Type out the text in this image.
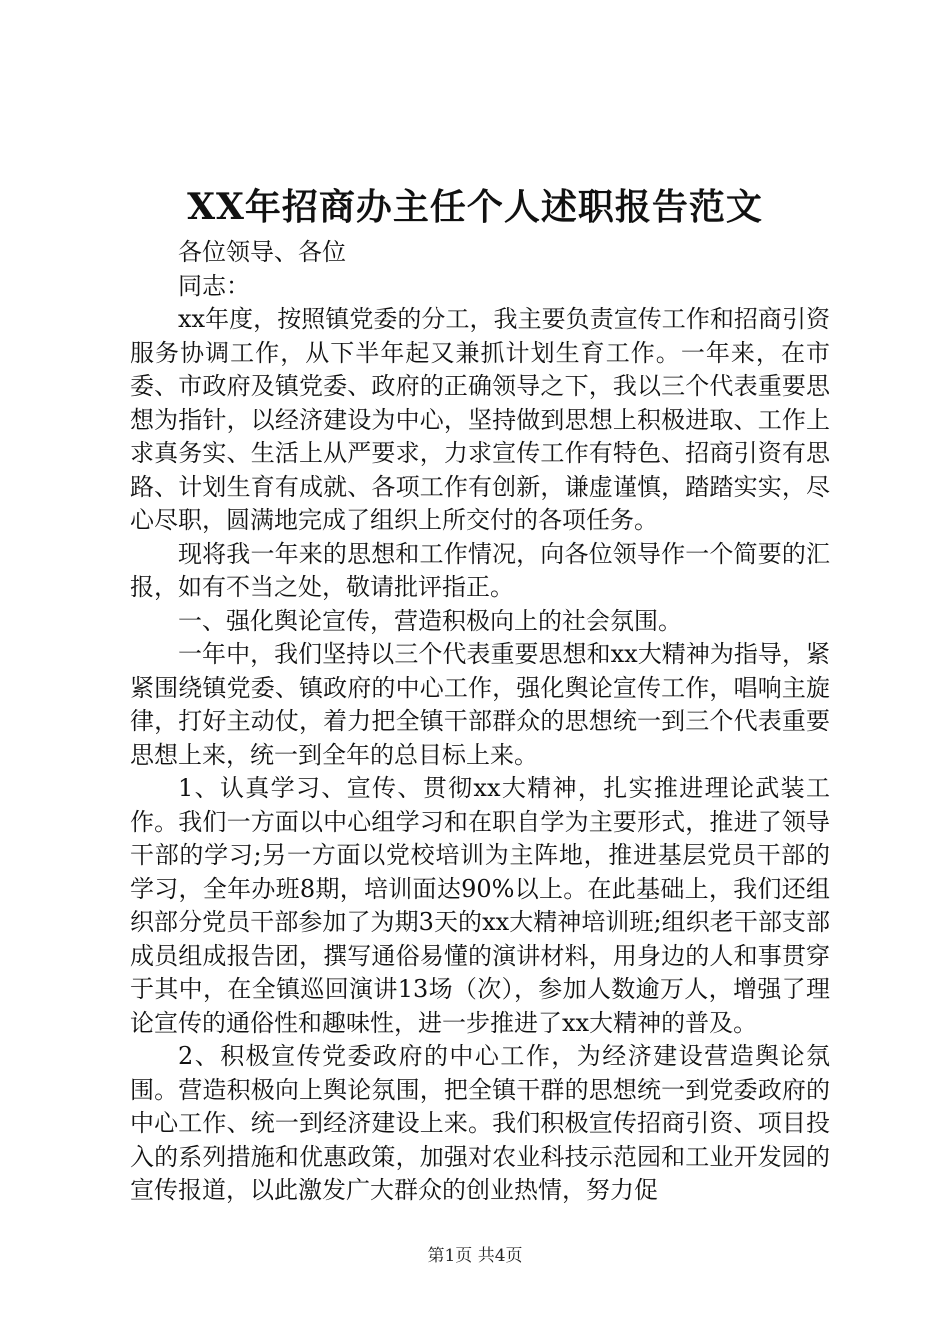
XX年招商办主任个人述职报告范文

各位领导、各位

同志：

xx年度，按照镇党委的分工，我主要负责宣传工作和招商引资服务协调工作，从下半年起又兼抓计划生育工作。一年来，在市委、市政府及镇党委、政府的正确领导之下，我以三个代表重要思想为指针，以经济建设为中心，坚持做到思想上积极进取、工作上求真务实、生活上从严要求，力求宣传工作有特色、招商引资有思路、计划生育有成就、各项工作有创新，谦虚谨慎，踏踏实实，尽心尽职，圆满地完成了组织上所交付的各项任务。

现将我一年来的思想和工作情况，向各位领导作一个简要的汇报，如有不当之处，敬请批评指正。

一、强化舆论宣传，营造积极向上的社会氛围。

一年中，我们坚持以三个代表重要思想和xx大精神为指导，紧紧围绕镇党委、镇政府的中心工作，强化舆论宣传工作，唱响主旋律，打好主动仗，着力把全镇干部群众的思想统一到三个代表重要思想上来，统一到全年的总目标上来。

1、认真学习、宣传、贯彻xx大精神，扎实推进理论武装工作。我们一方面以中心组学习和在职自学为主要形式，推进了领导干部的学习;另一方面以党校培训为主阵地，推进基层党员干部的学习，全年办班8期，培训面达90%以上。在此基础上，我们还组织部分党员干部参加了为期3天的xx大精神培训班;组织老干部支部成员组成报告团，撰写通俗易懂的演讲材料，用身边的人和事贯穿于其中，在全镇巡回演讲13场（次），参加人数逾万人，增强了理论宣传的通俗性和趣味性，进一步推进了xx大精神的普及。

2、积极宣传党委政府的中心工作，为经济建设营造舆论氛围。营造积极向上舆论氛围，把全镇干群的思想统一到党委政府的中心工作、统一到经济建设上来。我们积极宣传招商引资、项目投入的系列措施和优惠政策，加强对农业科技示范园和工业开发园的宣传报道，以此激发广大群众的创业热情，努力促

第1页 共4页
